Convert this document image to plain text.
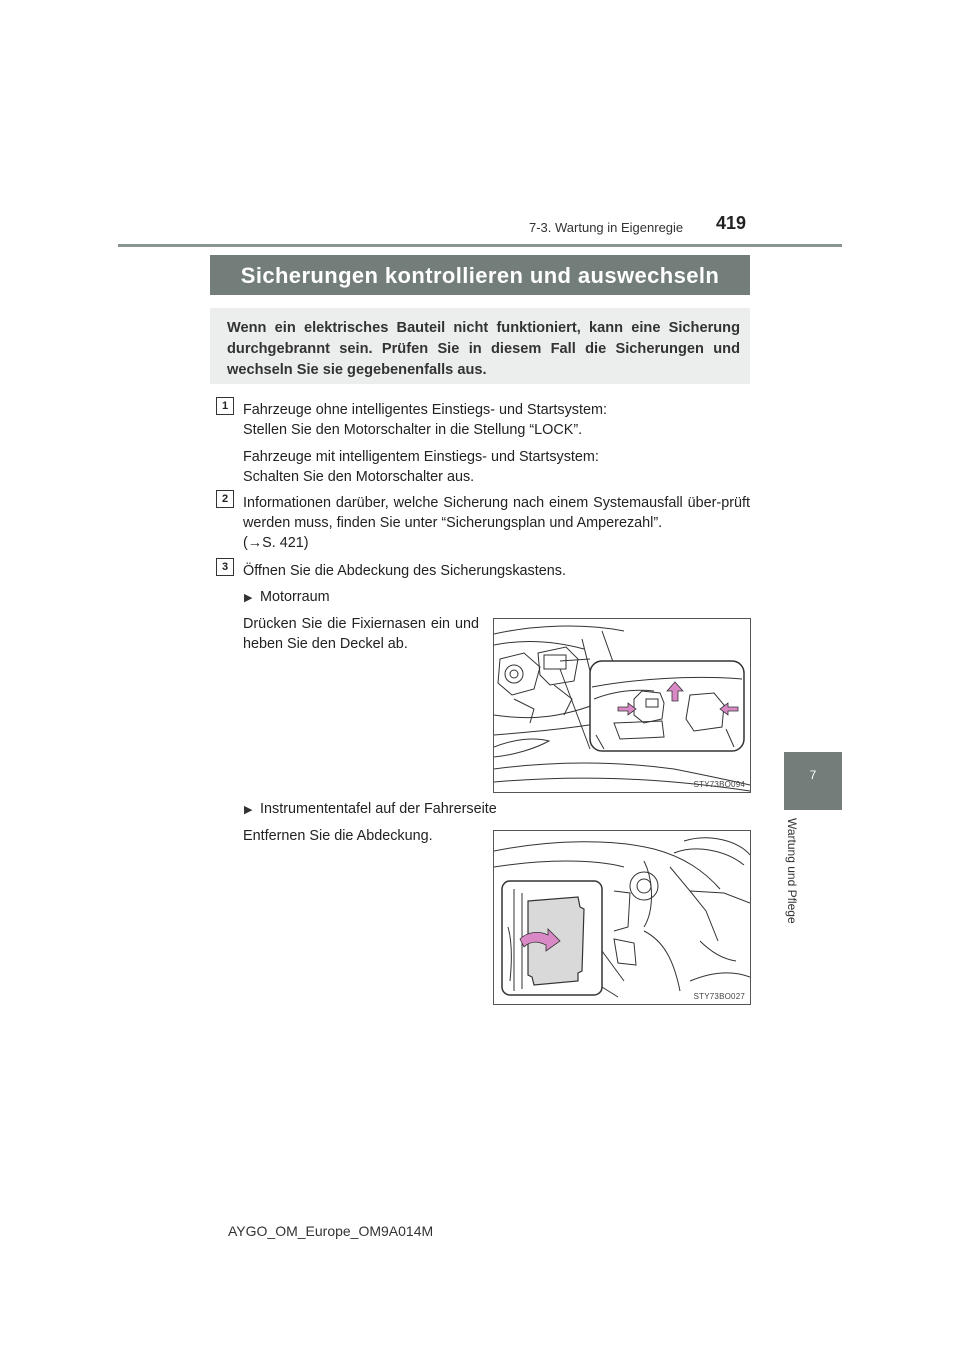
7-3. Wartung in Eigenregie 419
Sicherungen kontrollieren und auswechseln
Wenn ein elektrisches Bauteil nicht funktioniert, kann eine Sicherung durchgebrannt sein. Prüfen Sie in diesem Fall die Sicherungen und wechseln Sie sie gegebenenfalls aus.
1	Fahrzeuge ohne intelligentes Einstiegs- und Startsystem:
Stellen Sie den Motorschalter in die Stellung “LOCK”.
Fahrzeuge mit intelligentem Einstiegs- und Startsystem:
Schalten Sie den Motorschalter aus.
2	Informationen darüber, welche Sicherung nach einem Systemausfall über-prüft werden muss, finden Sie unter “Sicherungsplan und Amperezahl”.
(→S. 421)
3	Öffnen Sie die Abdeckung des Sicherungskastens.
▶ Motorraum
Drücken Sie die Fixiernasen ein und heben Sie den Deckel ab.
STY73BO094
▶ Instrumententafel auf der Fahrerseite
Entfernen Sie die Abdeckung.
STY73BO027
7
Wartung und Pflege
AYGO_OM_Europe_OM9A014M
